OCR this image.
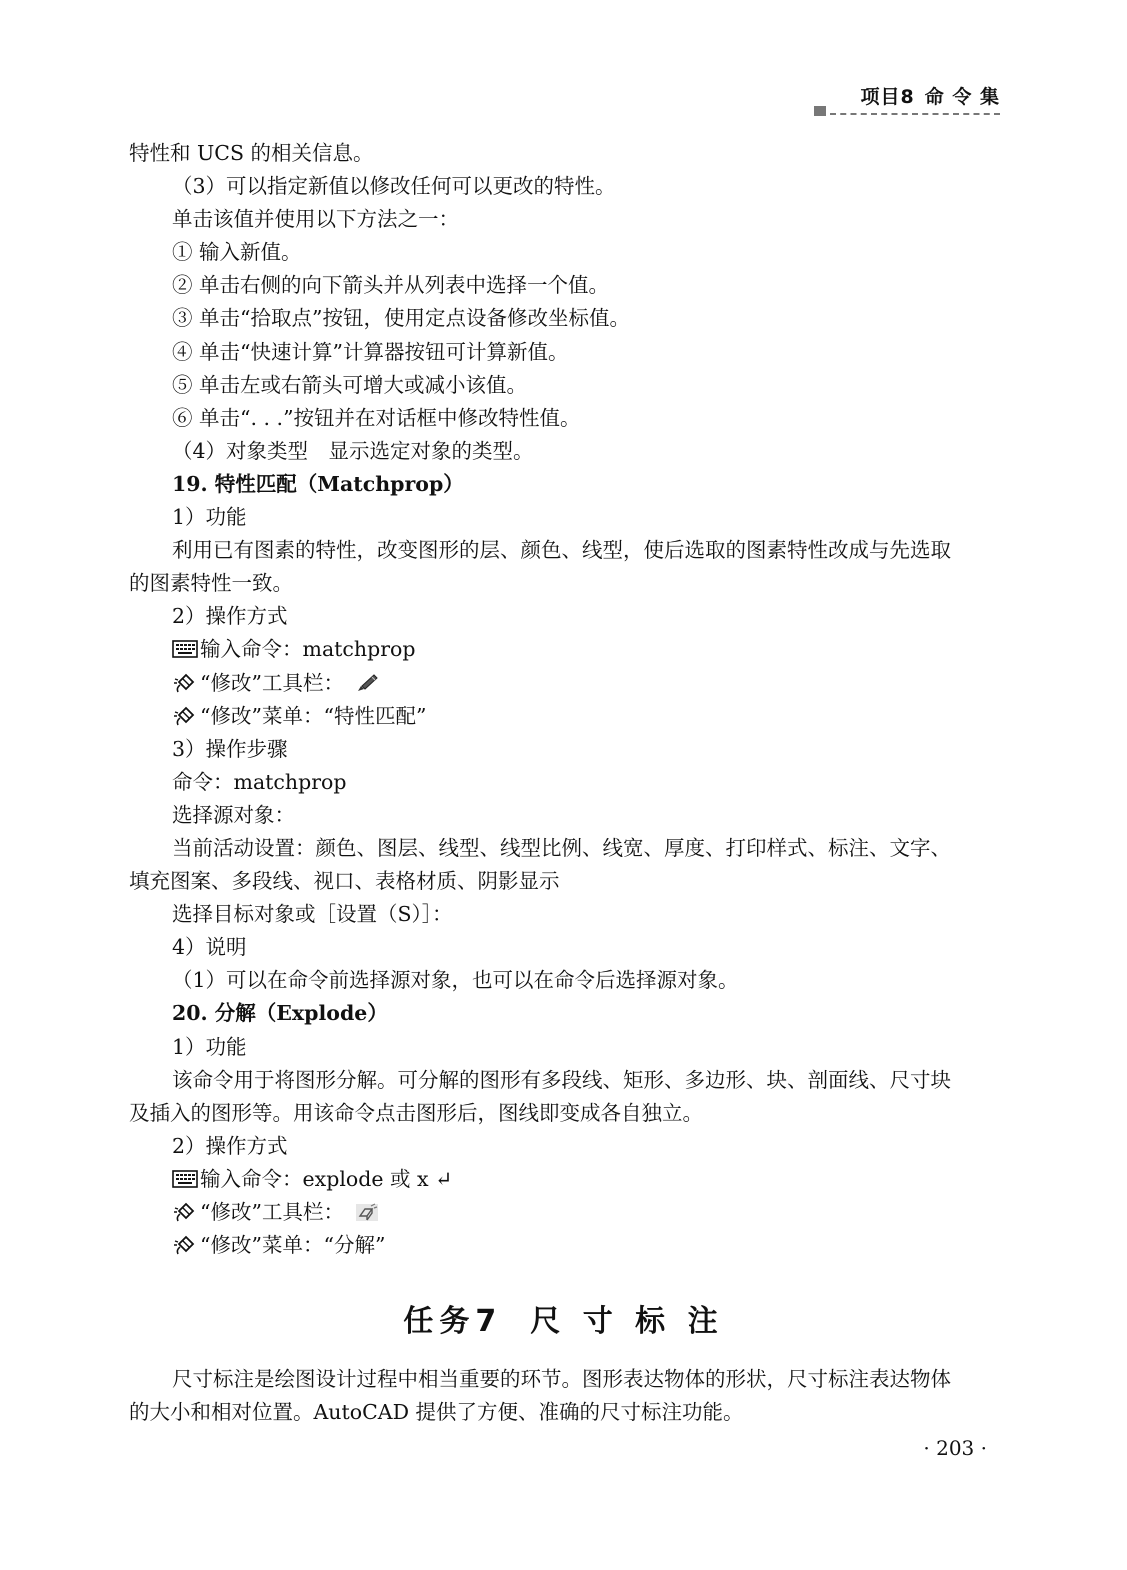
项目8 命 令 集
特性和 UCS 的相关信息。
（3）可以指定新值以修改任何可以更改的特性。
单击该值并使用以下方法之一：
① 输入新值。
② 单击右侧的向下箭头并从列表中选择一个值。
③ 单击“拾取点”按钮，使用定点设备修改坐标值。
④ 单击“快速计算”计算器按钮可计算新值。
⑤ 单击左或右箭头可增大或减小该值。
⑥ 单击“. . .”按钮并在对话框中修改特性值。
（4）对象类型　显示选定对象的类型。
19. 特性匹配（Matchprop）
1）功能
利用已有图素的特性，改变图形的层、颜色、线型，使后选取的图素特性改成与先选取
的图素特性一致。
2）操作方式
输入命令：matchprop
“修改”工具栏：
“修改”菜单：“特性匹配”
3）操作步骤
命令：matchprop
选择源对象：
当前活动设置：颜色、图层、线型、线型比例、线宽、厚度、打印样式、标注、文字、
填充图案、多段线、视口、表格材质、阴影显示
选择目标对象或［设置（S）］：
4）说明
（1）可以在命令前选择源对象，也可以在命令后选择源对象。
20. 分解（Explode）
1）功能
该命令用于将图形分解。可分解的图形有多段线、矩形、多边形、块、剖面线、尺寸块
及插入的图形等。用该命令点击图形后，图线即变成各自独立。
2）操作方式
输入命令：explode 或 x ↵
“修改”工具栏：
“修改”菜单：“分解”
任务7 尺 寸 标 注
尺寸标注是绘图设计过程中相当重要的环节。图形表达物体的形状，尺寸标注表达物体
的大小和相对位置。AutoCAD 提供了方便、准确的尺寸标注功能。
· 203 ·
